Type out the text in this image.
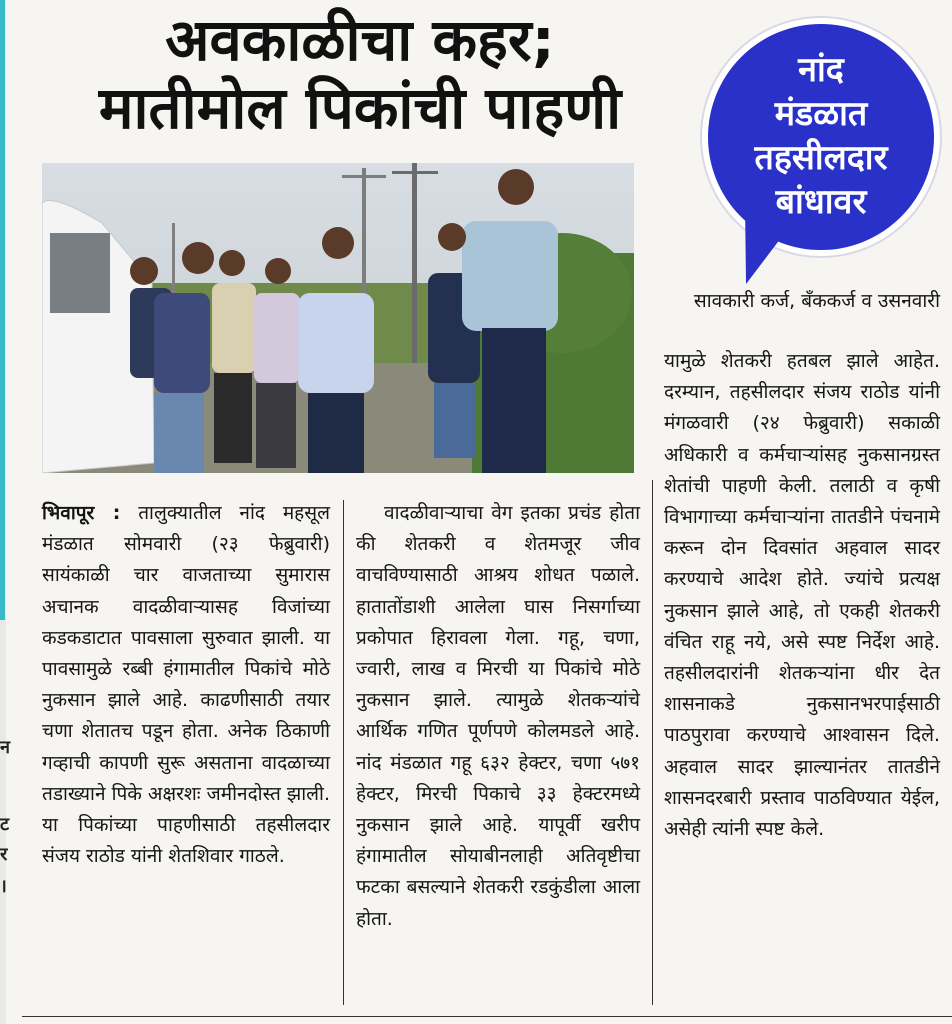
न
ट
र
।
अवकाळीचा कहर;
मातीमोल पिकांची पाहणी
नांद
मंडळात
तहसीलदार
बांधावर

भिवापूर : तालुक्यातील नांद महसूल मंडळात सोमवारी (२३ फेब्रुवारी) सायंकाळी चार वाजताच्या सुमारास अचानक वादळीवाऱ्यासह विजांच्या कडकडाटात पावसाला सुरुवात झाली. या पावसामुळे रब्बी हंगामातील पिकांचे मोठे नुकसान झाले आहे. काढणीसाठी तयार चणा शेतातच पडून होता. अनेक ठिकाणी गव्हाची कापणी सुरू असताना वादळाच्या तडाख्याने पिके अक्षरशः जमीनदोस्त झाली. या पिकांच्या पाहणीसाठी तहसीलदार संजय राठोड यांनी शेतशिवार गाठले.

वादळीवाऱ्याचा वेग इतका प्रचंड होता की शेतकरी व शेतमजूर जीव वाचविण्यासाठी आश्रय शोधत पळाले. हातातोंडाशी आलेला घास निसर्गाच्या प्रकोपात हिरावला गेला. गहू, चणा, ज्वारी, लाख व मिरची या पिकांचे मोठे नुकसान झाले. त्यामुळे शेतकऱ्यांचे आर्थिक गणित पूर्णपणे कोलमडले आहे. नांद मंडळात गहू ६३२ हेक्टर, चणा ५७१ हेक्टर, मिरची पिकाचे ३३ हेक्टरमध्ये नुकसान झाले आहे. यापूर्वी खरीप हंगामातील सोयाबीनलाही अतिवृष्टीचा फटका बसल्याने शेतकरी रडकुंडीला आला होता.

सावकारी कर्ज, बँककर्ज व उसनवारी

यामुळे शेतकरी हतबल झाले आहेत. दरम्यान, तहसीलदार संजय राठोड यांनी मंगळवारी (२४ फेब्रुवारी) सकाळी अधिकारी व कर्मचाऱ्यांसह नुकसानग्रस्त शेतांची पाहणी केली. तलाठी व कृषी विभागाच्या कर्मचाऱ्यांना तातडीने पंचनामे करून दोन दिवसांत अहवाल सादर करण्याचे आदेश होते. ज्यांचे प्रत्यक्ष नुकसान झाले आहे, तो एकही शेतकरी वंचित राहू नये, असे स्पष्ट निर्देश आहे. तहसीलदारांनी शेतकऱ्यांना धीर देत शासनाकडे नुकसानभरपाईसाठी पाठपुरावा करण्याचे आश्वासन दिले. अहवाल सादर झाल्यानंतर तातडीने शासनदरबारी प्रस्ताव पाठविण्यात येईल, असेही त्यांनी स्पष्ट केले.
